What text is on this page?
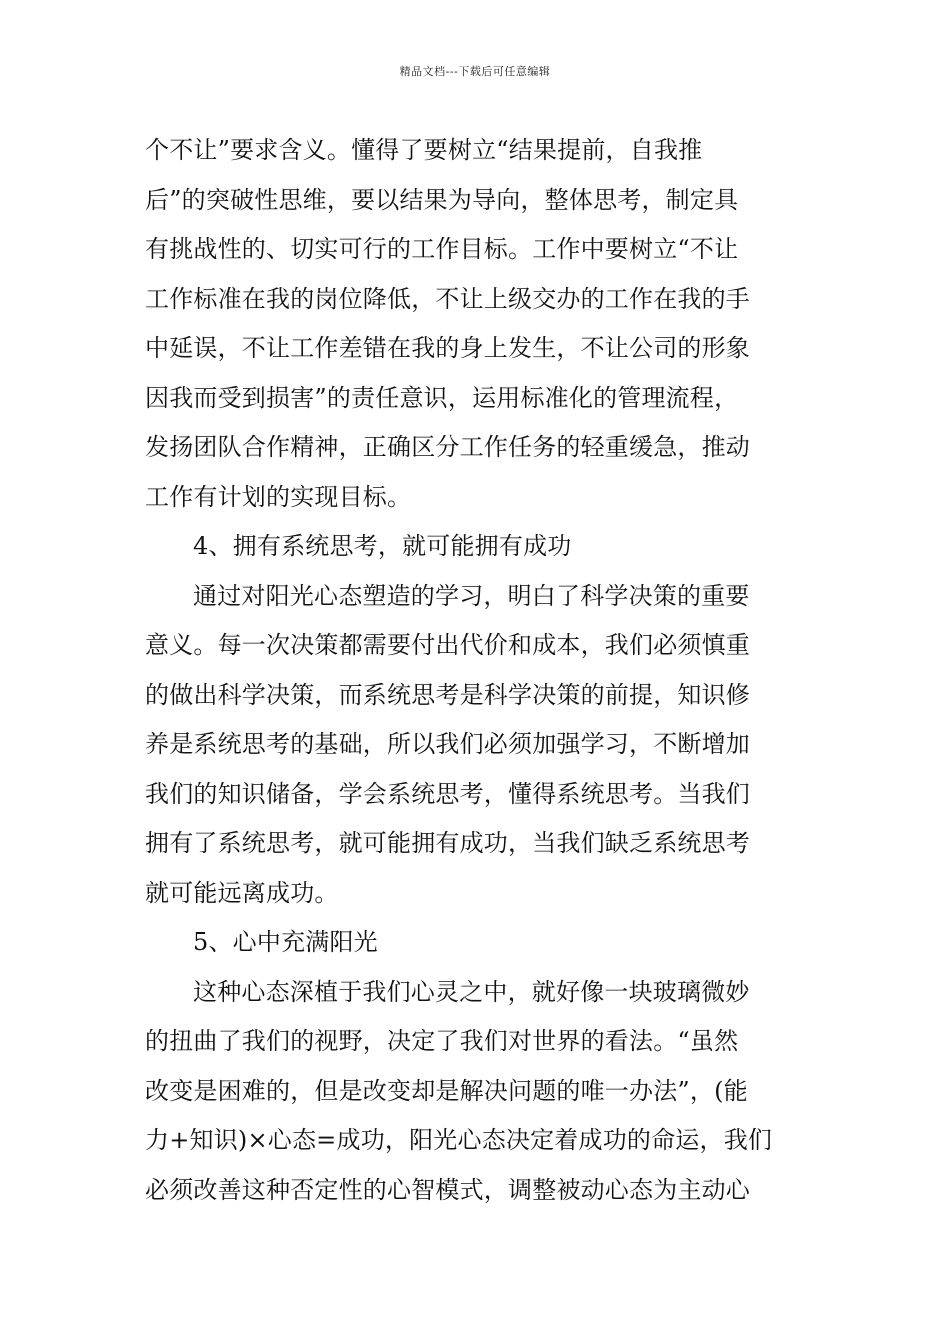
精品文档---下载后可任意编辑
个不让”要求含义。懂得了要树立“结果提前，自我推
后”的突破性思维，要以结果为导向，整体思考，制定具
有挑战性的、切实可行的工作目标。工作中要树立“不让
工作标准在我的岗位降低，不让上级交办的工作在我的手
中延误，不让工作差错在我的身上发生，不让公司的形象
因我而受到损害”的责任意识，运用标准化的管理流程，
发扬团队合作精神，正确区分工作任务的轻重缓急，推动
工作有计划的实现目标。
4、拥有系统思考，就可能拥有成功
通过对阳光心态塑造的学习，明白了科学决策的重要
意义。每一次决策都需要付出代价和成本，我们必须慎重
的做出科学决策，而系统思考是科学决策的前提，知识修
养是系统思考的基础，所以我们必须加强学习，不断增加
我们的知识储备，学会系统思考，懂得系统思考。当我们
拥有了系统思考，就可能拥有成功，当我们缺乏系统思考
就可能远离成功。
5、心中充满阳光
这种心态深植于我们心灵之中，就好像一块玻璃微妙
的扭曲了我们的视野，决定了我们对世界的看法。“虽然
改变是困难的，但是改变却是解决问题的唯一办法”，(能
力+知识)×心态=成功，阳光心态决定着成功的命运，我们
必须改善这种否定性的心智模式，调整被动心态为主动心
